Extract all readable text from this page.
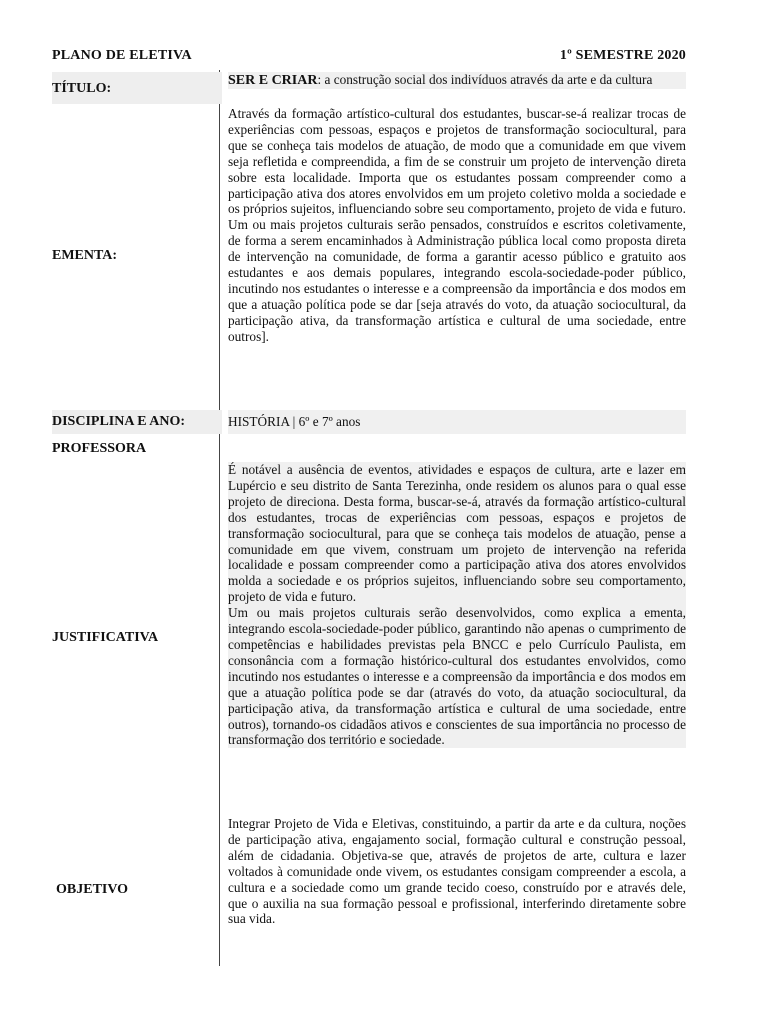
PLANO DE ELETIVA	1º SEMESTRE 2020
TÍTULO:
SER E CRIAR: a construção social dos indivíduos através da arte e da cultura
EMENTA:

Através da formação artístico-cultural dos estudantes, buscar-se-á realizar trocas de experiências com pessoas, espaços e projetos de transformação sociocultural, para que se conheça tais modelos de atuação, de modo que a comunidade em que vivem seja refletida e compreendida, a fim de se construir um projeto de intervenção direta sobre esta localidade. Importa que os estudantes possam compreender como a participação ativa dos atores envolvidos em um projeto coletivo molda a sociedade e os próprios sujeitos, influenciando sobre seu comportamento, projeto de vida e futuro.

Um ou mais projetos culturais serão pensados, construídos e escritos coletivamente, de forma a serem encaminhados à Administração pública local como proposta direta de intervenção na comunidade, de forma a garantir acesso público e gratuito aos estudantes e aos demais populares, integrando escola-sociedade-poder público, incutindo nos estudantes o interesse e a compreensão da importância e dos modos em que a atuação política pode se dar [seja através do voto, da atuação sociocultural, da participação ativa, da transformação artística e cultural de uma sociedade, entre outros].

DISCIPLINA E ANO:	HISTÓRIA | 6º e 7º anos
PROFESSORA
JUSTIFICATIVA

É notável a ausência de eventos, atividades e espaços de cultura, arte e lazer em Lupércio e seu distrito de Santa Terezinha, onde residem os alunos para o qual esse projeto de direciona. Desta forma, buscar-se-á, através da formação artístico-cultural dos estudantes, trocas de experiências com pessoas, espaços e projetos de transformação sociocultural, para que se conheça tais modelos de atuação, pense a comunidade em que vivem, construam um projeto de intervenção na referida localidade e possam compreender como a participação ativa dos atores envolvidos molda a sociedade e os próprios sujeitos, influenciando sobre seu comportamento, projeto de vida e futuro.

Um ou mais projetos culturais serão desenvolvidos, como explica a ementa, integrando escola-sociedade-poder público, garantindo não apenas o cumprimento de competências e habilidades previstas pela BNCC e pelo Currículo Paulista, em consonância com a formação histórico-cultural dos estudantes envolvidos, como incutindo nos estudantes o interesse e a compreensão da importância e dos modos em que a atuação política pode se dar (através do voto, da atuação sociocultural, da participação ativa, da transformação artística e cultural de uma sociedade, entre outros), tornando-os cidadãos ativos e conscientes de sua importância no processo de transformação dos território e sociedade.

OBJETIVO

Integrar Projeto de Vida e Eletivas, constituindo, a partir da arte e da cultura, noções de participação ativa, engajamento social, formação cultural e construção pessoal, além de cidadania. Objetiva-se que, através de projetos de arte, cultura e lazer voltados à comunidade onde vivem, os estudantes consigam compreender a escola, a cultura e a sociedade como um grande tecido coeso, construído por e através dele, que o auxilia na sua formação pessoal e profissional, interferindo diretamente sobre sua vida.
